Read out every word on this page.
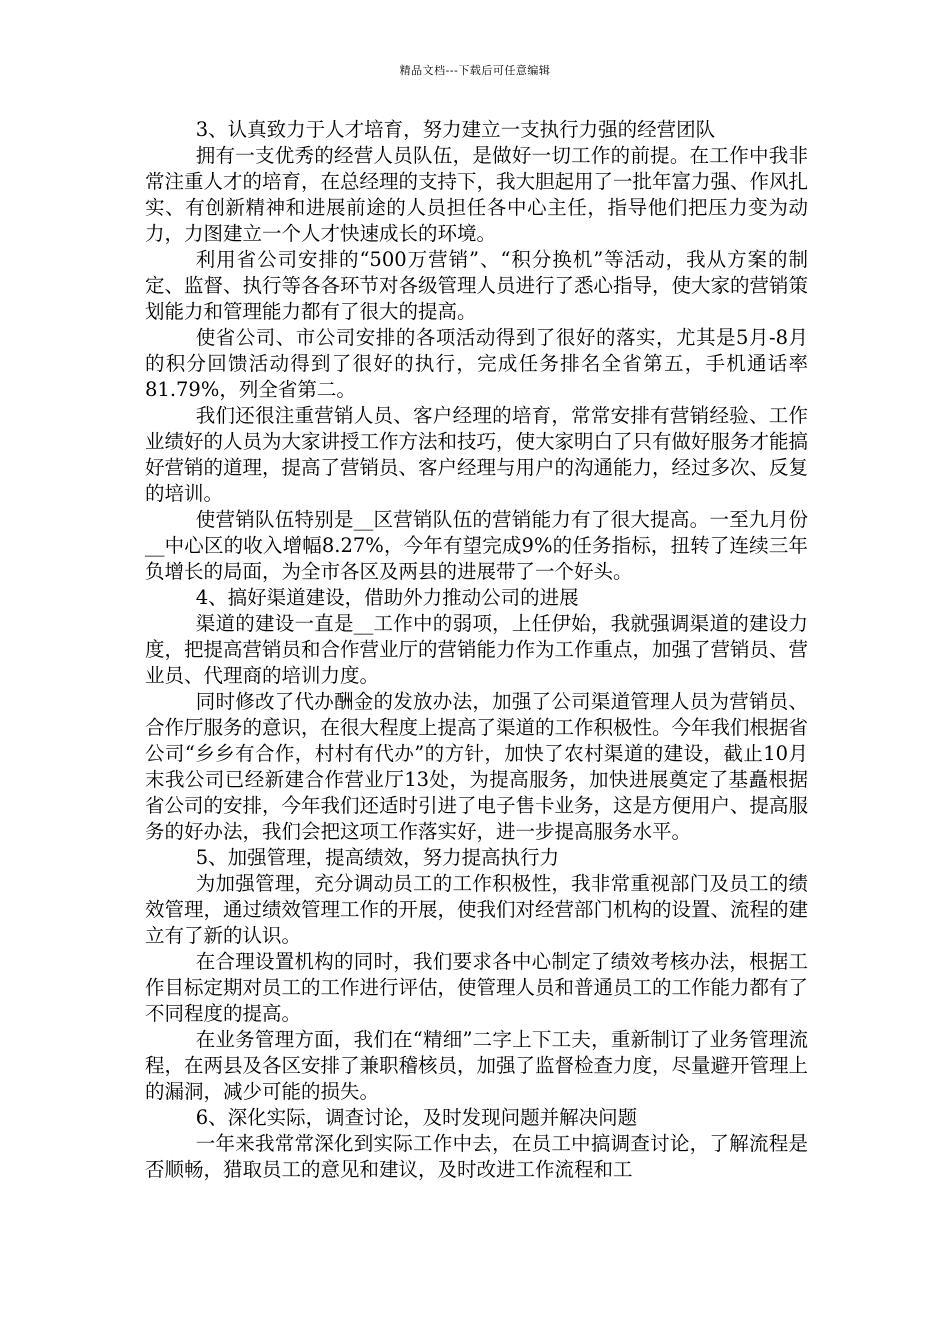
精品文档---下载后可任意编辑

3、认真致力于人才培育，努力建立一支执行力强的经营团队

拥有一支优秀的经营人员队伍，是做好一切工作的前提。在工作中我非常注重人才的培育，在总经理的支持下，我大胆起用了一批年富力强、作风扎实、有创新精神和进展前途的人员担任各中心主任，指导他们把压力变为动力，力图建立一个人才快速成长的环境。

利用省公司安排的“500万营销”、“积分换机”等活动，我从方案的制定、监督、执行等各各环节对各级管理人员进行了悉心指导，使大家的营销策划能力和管理能力都有了很大的提高。

使省公司、市公司安排的各项活动得到了很好的落实，尤其是5月-8月的积分回馈活动得到了很好的执行，完成任务排名全省第五，手机通话率81.79%，列全省第二。

我们还很注重营销人员、客户经理的培育，常常安排有营销经验、工作业绩好的人员为大家讲授工作方法和技巧，使大家明白了只有做好服务才能搞好营销的道理，提高了营销员、客户经理与用户的沟通能力，经过多次、反复的培训。

使营销队伍特别是__区营销队伍的营销能力有了很大提高。一至九月份__中心区的收入增幅8.27%，今年有望完成9%的任务指标，扭转了连续三年负增长的局面，为全市各区及两县的进展带了一个好头。

4、搞好渠道建设，借助外力推动公司的进展

渠道的建设一直是__工作中的弱项，上任伊始，我就强调渠道的建设力度，把提高营销员和合作营业厅的营销能力作为工作重点，加强了营销员、营业员、代理商的培训力度。

同时修改了代办酬金的发放办法，加强了公司渠道管理人员为营销员、合作厅服务的意识，在很大程度上提高了渠道的工作积极性。今年我们根据省公司“乡乡有合作，村村有代办”的方针，加快了农村渠道的建设，截止10月末我公司已经新建合作营业厅13处，为提高服务，加快进展奠定了基矗根据省公司的安排，今年我们还适时引进了电子售卡业务，这是方便用户、提高服务的好办法，我们会把这项工作落实好，进一步提高服务水平。

5、加强管理，提高绩效，努力提高执行力

为加强管理，充分调动员工的工作积极性，我非常重视部门及员工的绩效管理，通过绩效管理工作的开展，使我们对经营部门机构的设置、流程的建立有了新的认识。

在合理设置机构的同时，我们要求各中心制定了绩效考核办法，根据工作目标定期对员工的工作进行评估，使管理人员和普通员工的工作能力都有了不同程度的提高。

在业务管理方面，我们在“精细”二字上下工夫，重新制订了业务管理流程，在两县及各区安排了兼职稽核员，加强了监督检查力度，尽量避开管理上的漏洞，减少可能的损失。

6、深化实际，调查讨论，及时发现问题并解决问题

一年来我常常深化到实际工作中去，在员工中搞调查讨论，了解流程是否顺畅，猎取员工的意见和建议，及时改进工作流程和工
